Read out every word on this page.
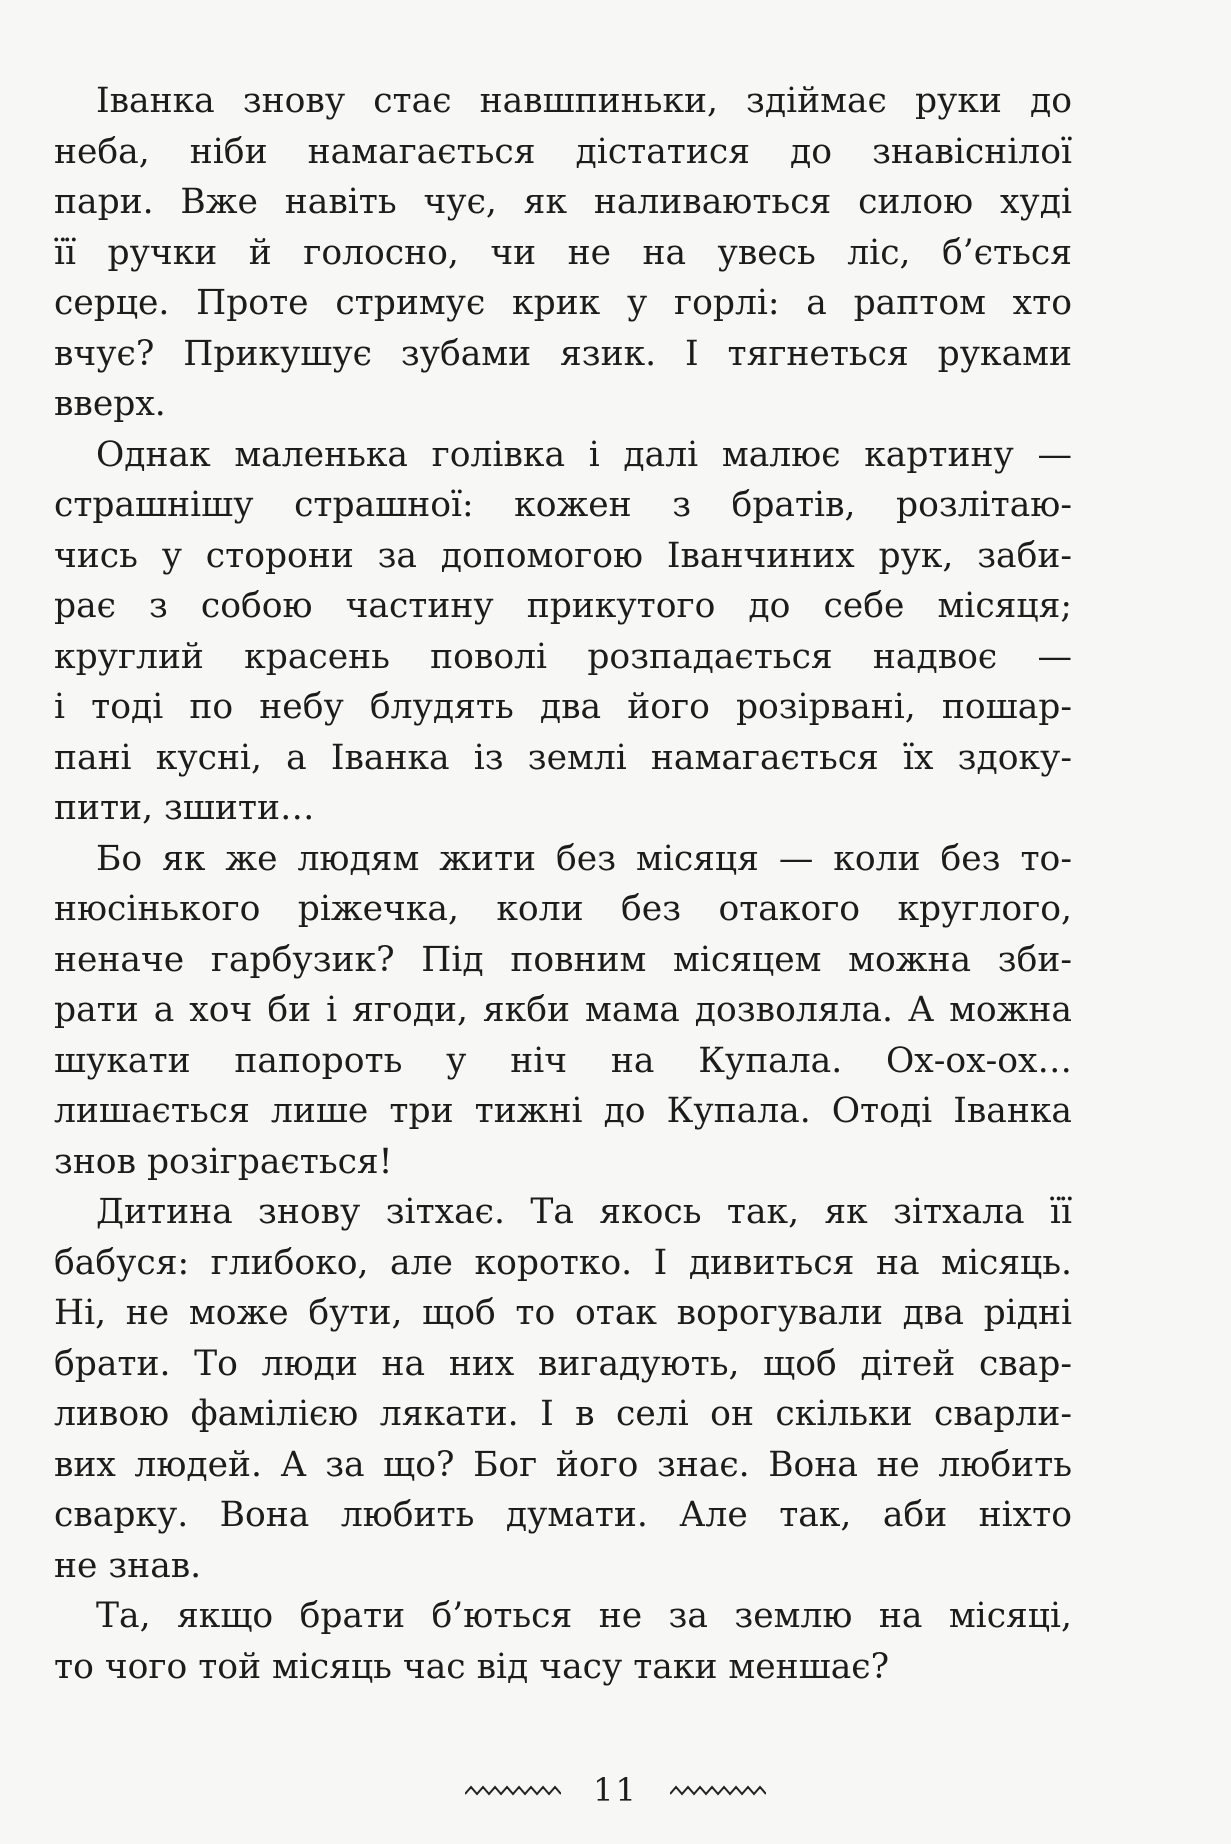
Іванка знову стає навшпиньки, здіймає руки до
неба, ніби намагається дістатися до знавіснілої
пари. Вже навіть чує, як наливаються силою худі
її ручки й голосно, чи не на увесь ліс, б’ється
серце. Проте стримує крик у горлі: а раптом хто
вчує? Прикушує зубами язик. І тягнеться руками
вверх.
Однак маленька голівка і далі малює картину —
страшнішу страшної: кожен з братів, розлітаю-
чись у сторони за допомогою Іванчиних рук, заби-
рає з собою частину прикутого до себе місяця;
круглий красень поволі розпадається надвоє —
і тоді по небу блудять два його розірвані, пошар-
пані кусні, а Іванка із землі намагається їх здоку-
пити, зшити…
Бо як же людям жити без місяця — коли без то-
нюсінького ріжечка, коли без отакого круглого,
неначе гарбузик? Під повним місяцем можна зби-
рати а хоч би і ягоди, якби мама дозволяла. А можна
шукати папороть у ніч на Купала. Ох-ох-ох…
лишається лише три тижні до Купала. Отоді Іванка
знов розіграється!
Дитина знову зітхає. Та якось так, як зітхала її
бабуся: глибоко, але коротко. І дивиться на місяць.
Ні, не може бути, щоб то отак ворогували два рідні
брати. То люди на них вигадують, щоб дітей свар-
ливою фамілією лякати. І в селі он скільки сварли-
вих людей. А за що? Бог його знає. Вона не любить
сварку. Вона любить думати. Але так, аби ніхто
не знав.
Та, якщо брати б’ються не за землю на місяці,
то чого той місяць час від часу таки меншає?
11
